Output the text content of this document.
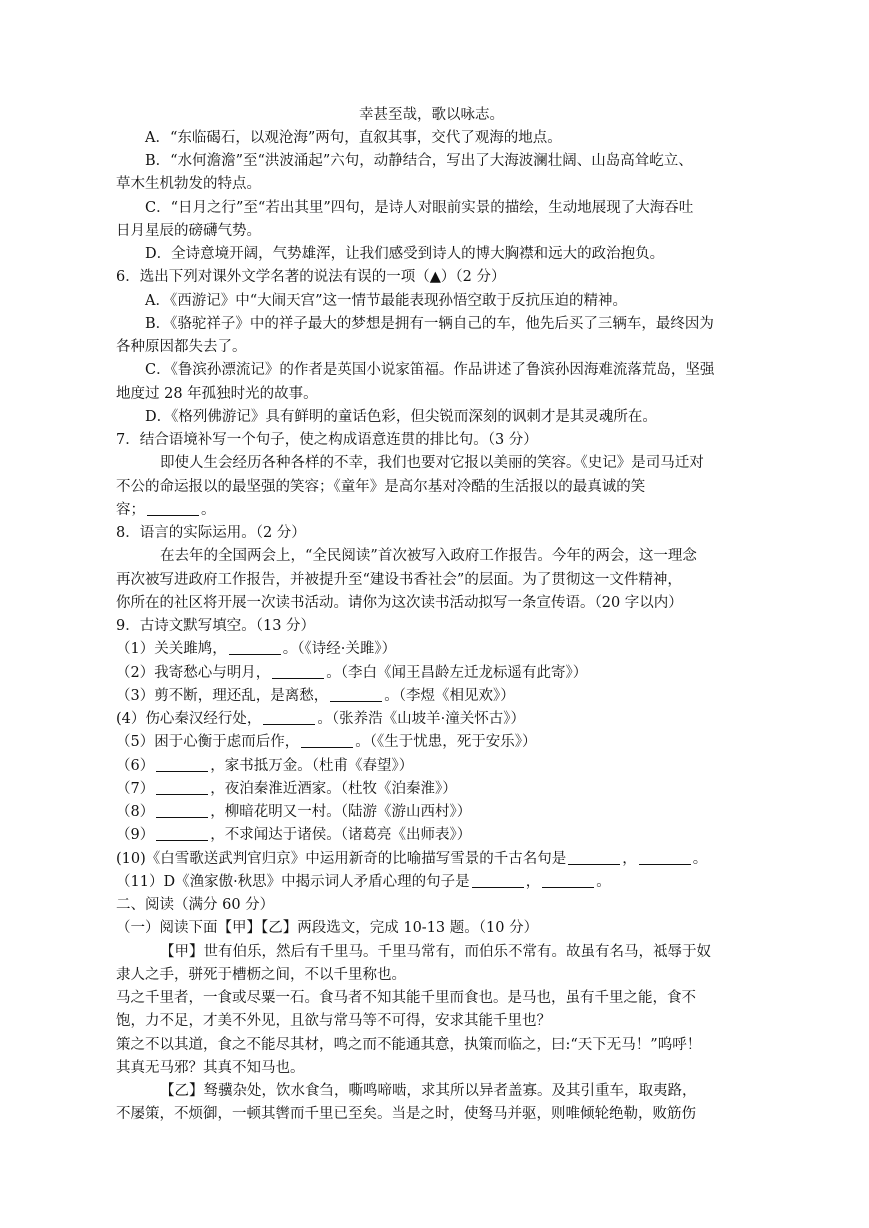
幸甚至哉，歌以咏志。
A．“东临碣石，以观沧海”两句，直叙其事，交代了观海的地点。
B．“水何澹澹”至“洪波涌起”六句，动静结合，写出了大海波澜壮阔、山岛高耸屹立、
草木生机勃发的特点。
C．“日月之行”至“若出其里”四句，是诗人对眼前实景的描绘，生动地展现了大海吞吐
日月星辰的磅礴气势。
D．全诗意境开阔，气势雄浑，让我们感受到诗人的博大胸襟和远大的政治抱负。
6．选出下列对课外文学名著的说法有误的一项（▲）（2 分）
A．《西游记》中“大闹天宫”这一情节最能表现孙悟空敢于反抗压迫的精神。
B．《骆驼祥子》中的祥子最大的梦想是拥有一辆自己的车，他先后买了三辆车，最终因为
各种原因都失去了。
C．《鲁滨孙漂流记》的作者是英国小说家笛福。作品讲述了鲁滨孙因海难流落荒岛，坚强
地度过 28 年孤独时光的故事。
D．《格列佛游记》具有鲜明的童话色彩，但尖锐而深刻的讽刺才是其灵魂所在。
7．结合语境补写一个句子，使之构成语意连贯的排比句。（3 分）
即使人生会经历各种各样的不幸，我们也要对它报以美丽的笑容。《史记》是司马迁对
不公的命运报以的最坚强的笑容；《童年》是高尔基对冷酷的生活报以的最真诚的笑
容；	。
8．语言的实际运用。（2 分）
在去年的全国两会上，“全民阅读”首次被写入政府工作报告。今年的两会，这一理念
再次被写进政府工作报告，并被提升至“建设书香社会”的层面。为了贯彻这一文件精神，
你所在的社区将开展一次读书活动。请你为这次读书活动拟写一条宣传语。（20 字以内）
9．古诗文默写填空。（13 分）
（1）关关雎鸠，	。（《诗经·关雎》）
（2）我寄愁心与明月，	。（李白《闻王昌龄左迁龙标遥有此寄》）
（3）剪不断，理还乱，是离愁，	。（李煜《相见欢》）
(4）伤心秦汉经行处，	。（张养浩《山坡羊·潼关怀古》）
（5）困于心衡于虑而后作，	。（《生于忧患，死于安乐》）
（6）	，家书抵万金。（杜甫《春望》）
（7）	，夜泊秦淮近酒家。（杜牧《泊秦淮》）
（8）	，柳暗花明又一村。（陆游《游山西村》）
（9）	，不求闻达于诸侯。（诸葛亮《出师表》）
(10)《白雪歌送武判官归京》中运用新奇的比喻描写雪景的千古名句是	，	。
（11）D《渔家傲·秋思》中揭示词人矛盾心理的句子是	，	。
二、阅读（满分 60 分）
（一）阅读下面【甲】【乙】两段选文，完成 10-13 题。（10 分）
【甲】世有伯乐，然后有千里马。千里马常有，而伯乐不常有。故虽有名马，祗辱于奴
隶人之手，骈死于槽枥之间，不以千里称也。
马之千里者，一食或尽粟一石。食马者不知其能千里而食也。是马也，虽有千里之能，食不
饱，力不足，才美不外见，且欲与常马等不可得，安求其能千里也？
策之不以其道，食之不能尽其材，鸣之而不能通其意，执策而临之，曰:“天下无马！”呜呼！
其真无马邪？其真不知马也。
【乙】驽骥杂处，饮水食刍，嘶鸣啼啮，求其所以异者盖寡。及其引重车，取夷路，
不屡策，不烦御，一顿其辔而千里已至矣。当是之时，使驽马并驱，则唯倾轮绝勒，败筋伤
